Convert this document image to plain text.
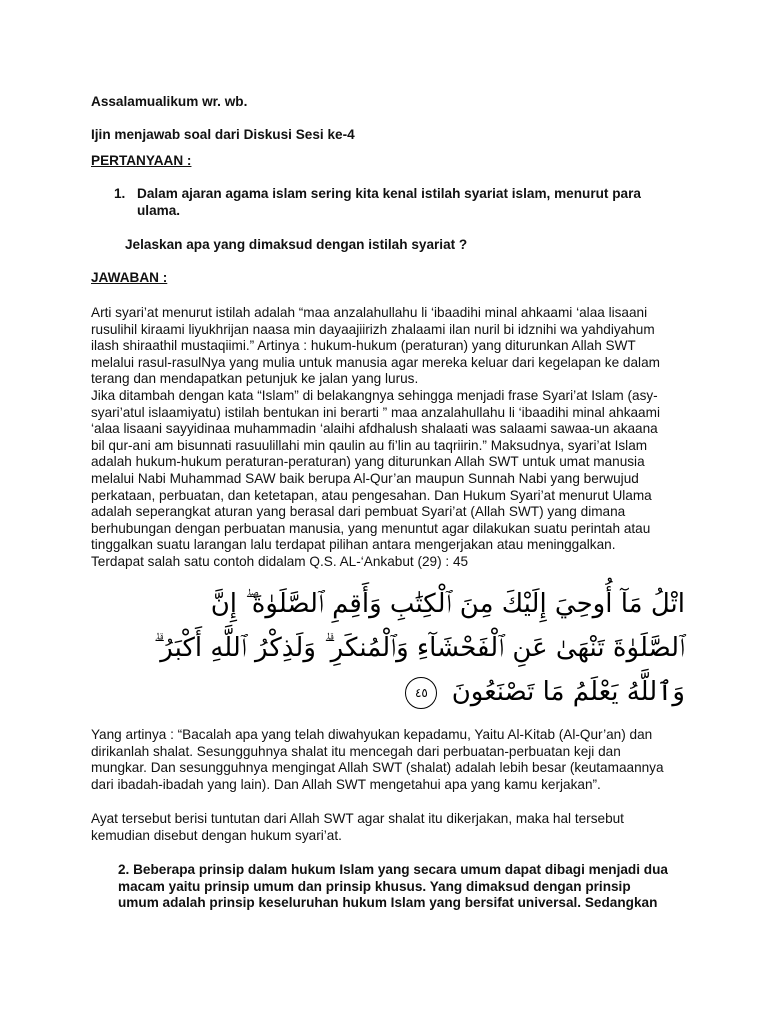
Assalamualikum wr. wb.
Ijin menjawab soal dari Diskusi Sesi ke-4
PERTANYAAN :
1. Dalam ajaran agama islam sering kita kenal istilah syariat islam, menurut para
ulama.
Jelaskan apa yang dimaksud dengan istilah syariat ?
JAWABAN :
Arti syari’at menurut istilah adalah “maa anzalahullahu li ‘ibaadihi minal ahkaami ‘alaa lisaani
rusulihil kiraami liyukhrijan naasa min dayaajiirizh zhalaami ilan nuril bi idznihi wa yahdiyahum
ilash shiraathil mustaqiimi.” Artinya : hukum-hukum (peraturan) yang diturunkan Allah SWT
melalui rasul-rasulNya yang mulia untuk manusia agar mereka keluar dari kegelapan ke dalam
terang dan mendapatkan petunjuk ke jalan yang lurus.
Jika ditambah dengan kata “Islam” di belakangnya sehingga menjadi frase Syari’at Islam (asy-
syari’atul islaamiyatu) istilah bentukan ini berarti ” maa anzalahullahu li ‘ibaadihi minal ahkaami
‘alaa lisaani sayyidinaa muhammadin ‘alaihi afdhalush shalaati was salaami sawaa-un akaana
bil qur-ani am bisunnati rasuulillahi min qaulin au fi’lin au taqriirin.” Maksudnya, syari’at Islam
adalah hukum-hukum peraturan-peraturan) yang diturunkan Allah SWT untuk umat manusia
melalui Nabi Muhammad SAW baik berupa Al-Qur’an maupun Sunnah Nabi yang berwujud
perkataan, perbuatan, dan ketetapan, atau pengesahan. Dan Hukum Syari’at menurut Ulama
adalah seperangkat aturan yang berasal dari pembuat Syari’at (Allah SWT) yang dimana
berhubungan dengan perbuatan manusia, yang menuntut agar dilakukan suatu perintah atau
tinggalkan suatu larangan lalu terdapat pilihan antara mengerjakan atau meninggalkan.
Terdapat salah satu contoh didalam Q.S. AL-‘Ankabut (29) : 45
اتْلُ مَآ أُوحِيَ إِلَيْكَ مِنَ ٱلْكِتَٰبِ وَأَقِمِ ٱلصَّلَوٰةَ ۖ إِنَّ
ٱلصَّلَوٰةَ تَنْهَىٰ عَنِ ٱلْفَحْشَآءِ وَٱلْمُنكَرِ ۗ وَلَذِكْرُ ٱللَّهِ أَكْبَرُ ۗ
وَٱللَّهُ يَعْلَمُ مَا تَصْنَعُونَ ٤٥
Yang artinya : “Bacalah apa yang telah diwahyukan kepadamu, Yaitu Al-Kitab (Al-Qur’an) dan
dirikanlah shalat. Sesungguhnya shalat itu mencegah dari perbuatan-perbuatan keji dan
mungkar. Dan sesungguhnya mengingat Allah SWT (shalat) adalah lebih besar (keutamaannya
dari ibadah-ibadah yang lain). Dan Allah SWT mengetahui apa yang kamu kerjakan”.
Ayat tersebut berisi tuntutan dari Allah SWT agar shalat itu dikerjakan, maka hal tersebut
kemudian disebut dengan hukum syari’at.
2. Beberapa prinsip dalam hukum Islam yang secara umum dapat dibagi menjadi dua
macam yaitu prinsip umum dan prinsip khusus. Yang dimaksud dengan prinsip
umum adalah prinsip keseluruhan hukum Islam yang bersifat universal. Sedangkan
